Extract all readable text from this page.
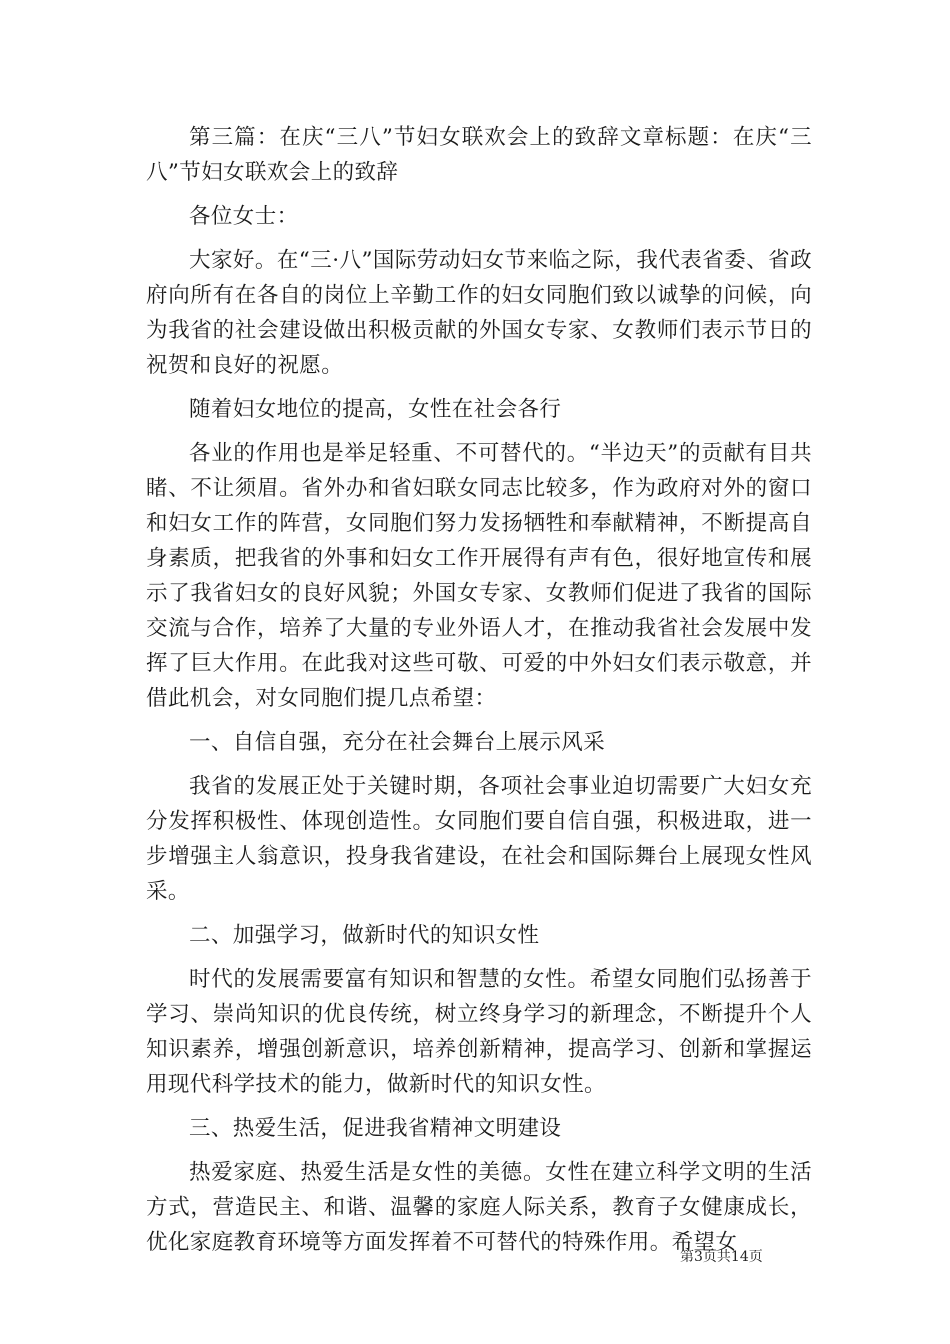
第三篇：在庆“三八”节妇女联欢会上的致辞文章标题：在庆“三八”节妇女联欢会上的致辞

各位女士：

大家好。在“三·八”国际劳动妇女节来临之际，我代表省委、省政府向所有在各自的岗位上辛勤工作的妇女同胞们致以诚挚的问候，向为我省的社会建设做出积极贡献的外国女专家、女教师们表示节日的祝贺和良好的祝愿。

随着妇女地位的提高，女性在社会各行

各业的作用也是举足轻重、不可替代的。“半边天”的贡献有目共睹、不让须眉。省外办和省妇联女同志比较多，作为政府对外的窗口和妇女工作的阵营，女同胞们努力发扬牺牲和奉献精神，不断提高自身素质，把我省的外事和妇女工作开展得有声有色，很好地宣传和展示了我省妇女的良好风貌；外国女专家、女教师们促进了我省的国际交流与合作，培养了大量的专业外语人才，在推动我省社会发展中发挥了巨大作用。在此我对这些可敬、可爱的中外妇女们表示敬意，并借此机会，对女同胞们提几点希望：

一、自信自强，充分在社会舞台上展示风采

我省的发展正处于关键时期，各项社会事业迫切需要广大妇女充分发挥积极性、体现创造性。女同胞们要自信自强，积极进取，进一步增强主人翁意识，投身我省建设，在社会和国际舞台上展现女性风采。

二、加强学习，做新时代的知识女性

时代的发展需要富有知识和智慧的女性。希望女同胞们弘扬善于学习、崇尚知识的优良传统，树立终身学习的新理念，不断提升个人知识素养，增强创新意识，培养创新精神，提高学习、创新和掌握运用现代科学技术的能力，做新时代的知识女性。

三、热爱生活，促进我省精神文明建设

热爱家庭、热爱生活是女性的美德。女性在建立科学文明的生活方式，营造民主、和谐、温馨的家庭人际关系，教育子女健康成长，优化家庭教育环境等方面发挥着不可替代的特殊作用。希望女

第3页共14页
